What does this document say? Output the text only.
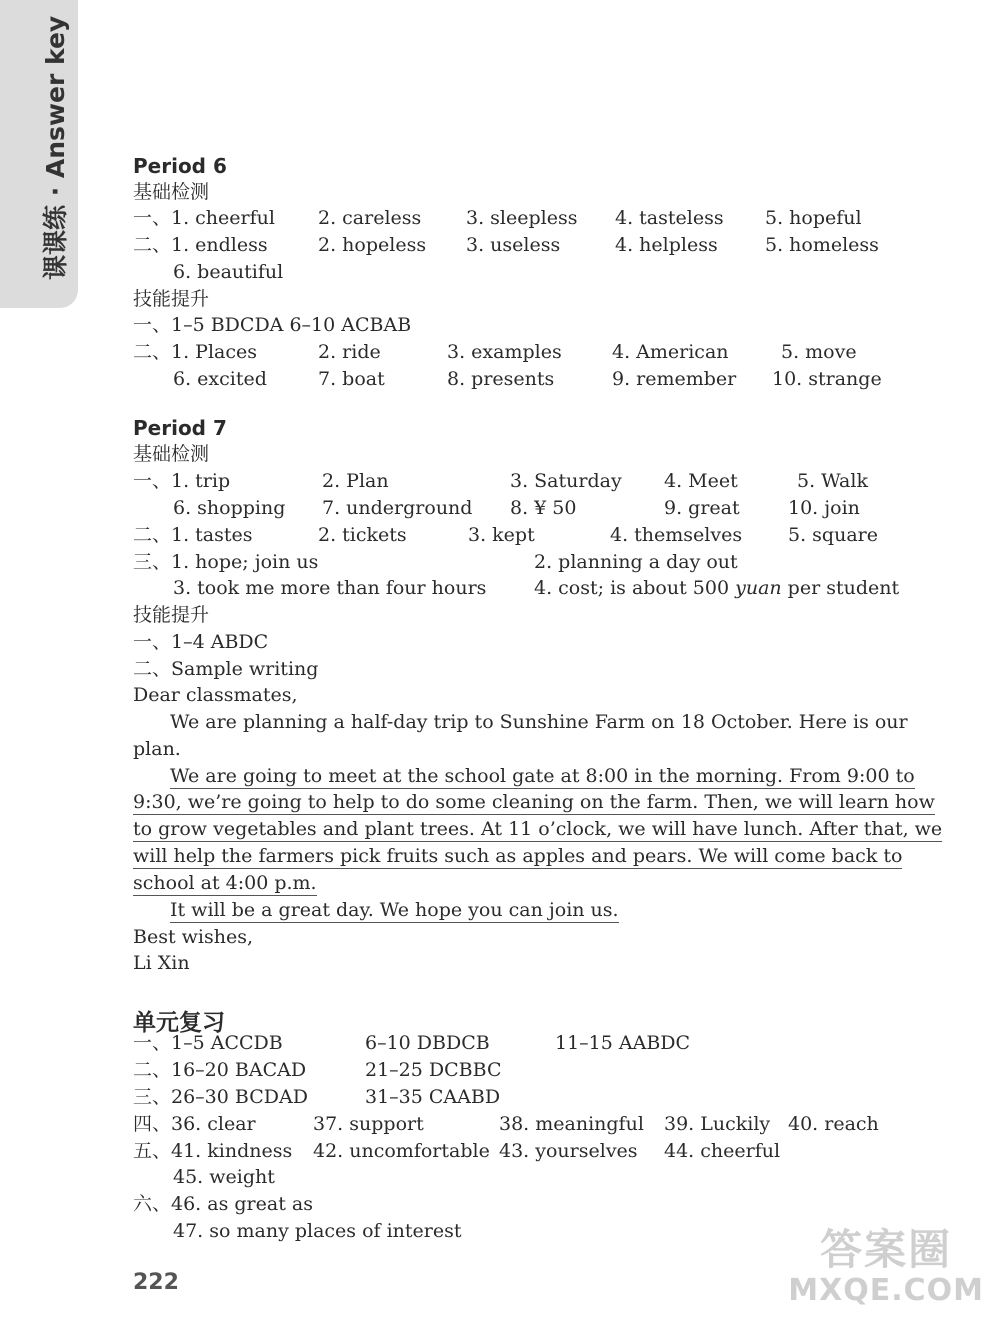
课课练 · Answer key	Period 6
基础检测
一、1. cheerful 2. careless 3. sleepless 4. tasteless 5. hopeful
二、1. endless	2. hopeless 3. useless	4. helpless 5. homeless
6. beautiful
技能提升
一、1–5 BDCDA 6–10 ACBAB
二、1. Places	2. ride	3. examples	4. American	5. move
6. excited	7. boat	8. presents	9. remember 10. strange
Period 7
基础检测
一、1. trip	2. Plan	3. Saturday 4. Meet	5. Walk
6. shopping 7. underground 8. ¥ 50	9. great	10. join
二、1. tastes	2. tickets	3. kept	4. themselves 5. square
三、1. hope; join us	2. planning a day out
3. took me more than four hours	4. cost; is about 500 yuan per student
技能提升
一、1–4 ABDC
二、Sample writing
Dear classmates,
We are planning a half-day trip to Sunshine Farm on 18 October. Here is our
plan.
We are going to meet at the school gate at 8:00 in the morning. From 9:00 to
9:30, we’re going to help to do some cleaning on the farm. Then, we will learn how
to grow vegetables and plant trees. At 11 o’clock, we will have lunch. After that, we
will help the farmers pick fruits such as apples and pears. We will come back to
school at 4:00 p.m.
It will be a great day. We hope you can join us.
Best wishes,
Li Xin
单元复习
一、1–5 ACCDB	6–10 DBDCB	11–15 AABDC
二、16–20 BACAD	21–25 DCBBC
三、26–30 BCDAD	31–35 CAABD
四、36. clear	37. support	38. meaningful 39. Luckily 40. reach
五、41. kindness 42. uncomfortable 43. yourselves 44. cheerful
45. weight
六、46. as great as
47. so many places of interest
222
答案圈
MXQE.COM
